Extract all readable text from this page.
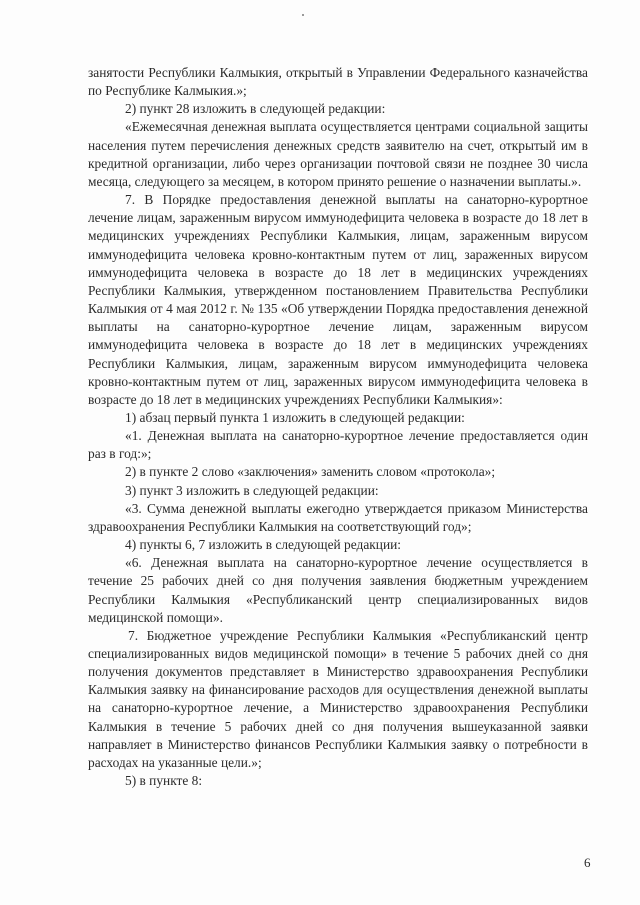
занятости Республики Калмыкия, открытый в Управлении Федерального казначейства по Республике Калмыкия.»;

2) пункт 28 изложить в следующей редакции:

«Ежемесячная денежная выплата осуществляется центрами социальной защиты населения путем перечисления денежных средств заявителю на счет, открытый им в кредитной организации, либо через организации почтовой связи не позднее 30 числа месяца, следующего за месяцем, в котором принято решение о назначении выплаты.».

7. В Порядке предоставления денежной выплаты на санаторно-курортное лечение лицам, зараженным вирусом иммунодефицита человека в возрасте до 18 лет в медицинских учреждениях Республики Калмыкия, лицам, зараженным вирусом иммунодефицита человека кровно-контактным путем от лиц, зараженных вирусом иммунодефицита человека в возрасте до 18 лет в медицинских учреждениях Республики Калмыкия, утвержденном постановлением Правительства Республики Калмыкия от 4 мая 2012 г. № 135 «Об утверждении Порядка предоставления денежной выплаты на санаторно-курортное лечение лицам, зараженным вирусом иммунодефицита человека в возрасте до 18 лет в медицинских учреждениях Республики Калмыкия, лицам, зараженным вирусом иммунодефицита человека кровно-контактным путем от лиц, зараженных вирусом иммунодефицита человека в возрасте до 18 лет в медицинских учреждениях Республики Калмыкия»:

1) абзац первый пункта 1 изложить в следующей редакции:

«1. Денежная выплата на санаторно-курортное лечение предоставляется один раз в год:»;

2) в пункте 2 слово «заключения» заменить словом «протокола»;

3) пункт 3 изложить в следующей редакции:

«3. Сумма денежной выплаты ежегодно утверждается приказом Министерства здравоохранения Республики Калмыкия на соответствующий год»;

4) пункты 6, 7 изложить в следующей редакции:

«6. Денежная выплата на санаторно-курортное лечение осуществляется в течение 25 рабочих дней со дня получения заявления бюджетным учреждением Республики Калмыкия «Республиканский центр специализированных видов медицинской помощи».

7. Бюджетное учреждение Республики Калмыкия «Республиканский центр специализированных видов медицинской помощи» в течение 5 рабочих дней со дня получения документов представляет в Министерство здравоохранения Республики Калмыкия заявку на финансирование расходов для осуществления денежной выплаты на санаторно-курортное лечение, а Министерство здравоохранения Республики Калмыкия в течение 5 рабочих дней со дня получения вышеуказанной заявки направляет в Министерство финансов Республики Калмыкия заявку о потребности в расходах на указанные цели.»;

5) в пункте 8:

6
